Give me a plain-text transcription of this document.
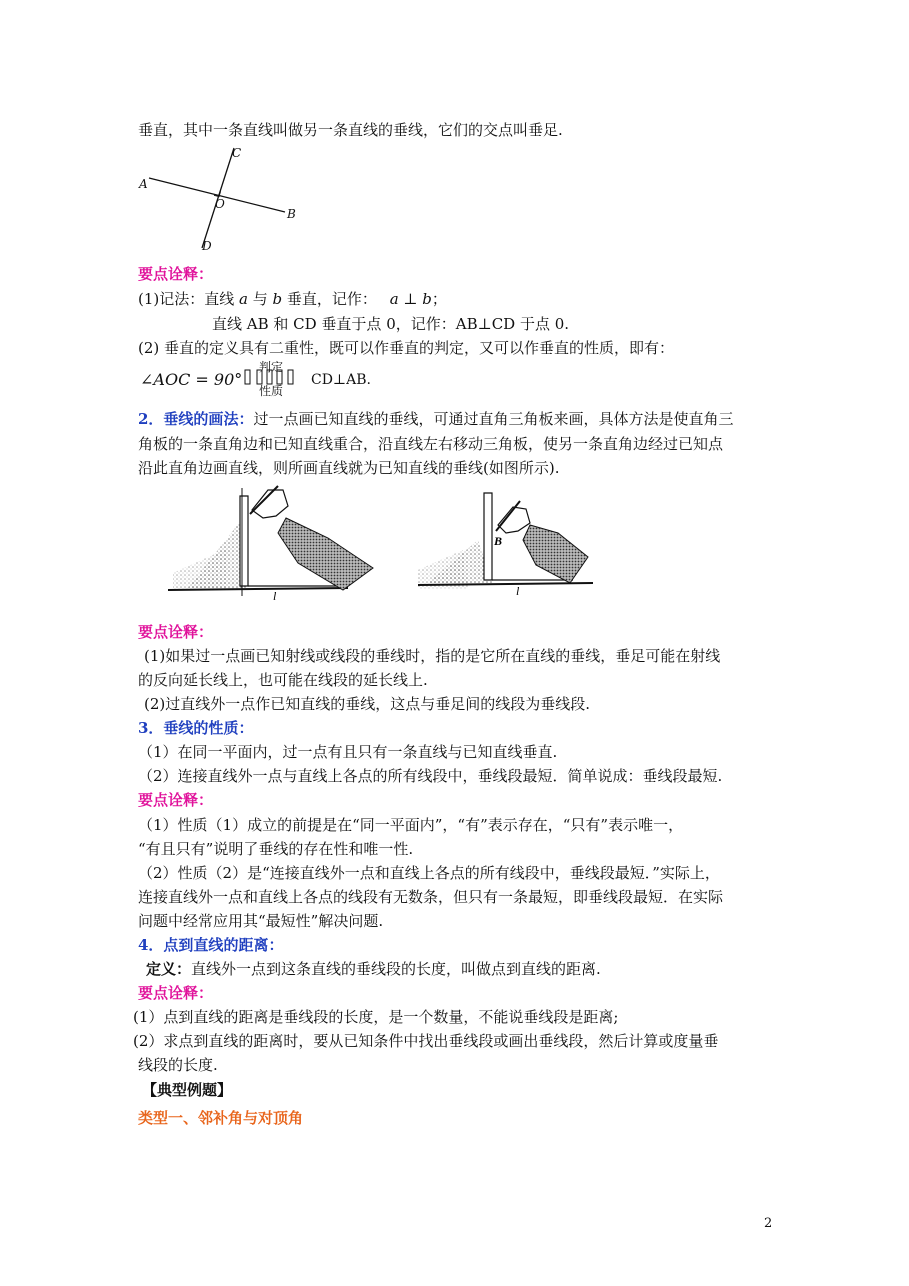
垂直，其中一条直线叫做另一条直线的垂线，它们的交点叫垂足.
A
B
C
D
O
要点诠释：
(1)记法：直线 a 与 b 垂直，记作： a ⊥ b；
直线 AB 和 CD 垂直于点 0，记作：AB⊥CD 于点 0.
(2) 垂直的定义具有二重性，既可以作垂直的判定，又可以作垂直的性质，即有：
∠AOC = 90°
判定
性质
CD⊥AB.
2．垂线的画法：过一点画已知直线的垂线，可通过直角三角板来画，具体方法是使直角三
角板的一条直角边和已知直线重合，沿直线左右移动三角板，使另一条直角边经过已知点
沿此直角边画直线，则所画直线就为已知直线的垂线(如图所示).
l
B
l
要点诠释：
(1)如果过一点画已知射线或线段的垂线时，指的是它所在直线的垂线，垂足可能在射线
的反向延长线上，也可能在线段的延长线上.
(2)过直线外一点作已知直线的垂线，这点与垂足间的线段为垂线段.
3．垂线的性质：
（1）在同一平面内，过一点有且只有一条直线与已知直线垂直.
（2）连接直线外一点与直线上各点的所有线段中，垂线段最短．简单说成：垂线段最短.
要点诠释：
（1）性质（1）成立的前提是在“同一平面内”，“有”表示存在，“只有”表示唯一，
“有且只有”说明了垂线的存在性和唯一性.
（2）性质（2）是“连接直线外一点和直线上各点的所有线段中，垂线段最短．”实际上，
连接直线外一点和直线上各点的线段有无数条，但只有一条最短，即垂线段最短．在实际
问题中经常应用其“最短性”解决问题.
4．点到直线的距离：
定义：直线外一点到这条直线的垂线段的长度，叫做点到直线的距离.
要点诠释：
(1）点到直线的距离是垂线段的长度，是一个数量，不能说垂线段是距离;
(2）求点到直线的距离时，要从已知条件中找出垂线段或画出垂线段，然后计算或度量垂
线段的长度.
【典型例题】
类型一、邻补角与对顶角
2
